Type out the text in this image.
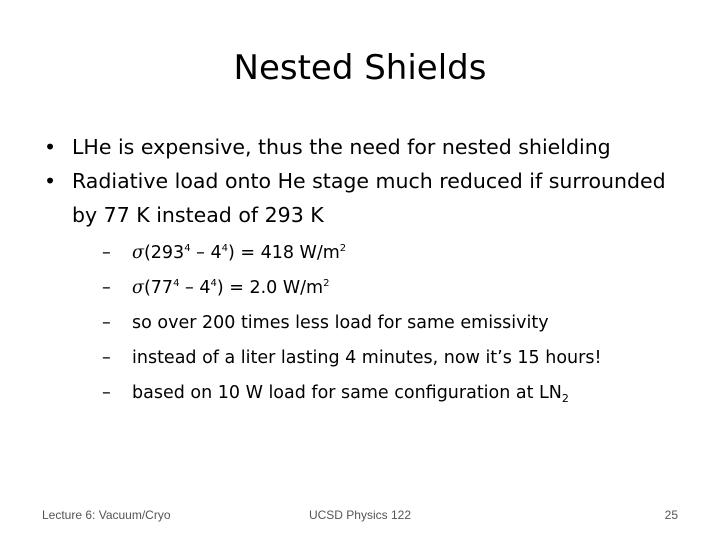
Nested Shields
• LHe is expensive, thus the need for nested shielding
• Radiative load onto He stage much reduced if surrounded by 77 K instead of 293 K
– $\sigma(293^4 - 4^4) = 418$ $W/m^2$
– $\sigma(77^4 - 4^4) = 2.0$ $W/m^2$
– so over 200 times less load for same emissivity
– instead of a liter lasting 4 minutes, now it’s 15 hours!
– based on 10 W load for same configuration at $LN_2$
Lecture 6: Vacuum/Cryo	UCSD Physics 122	25
